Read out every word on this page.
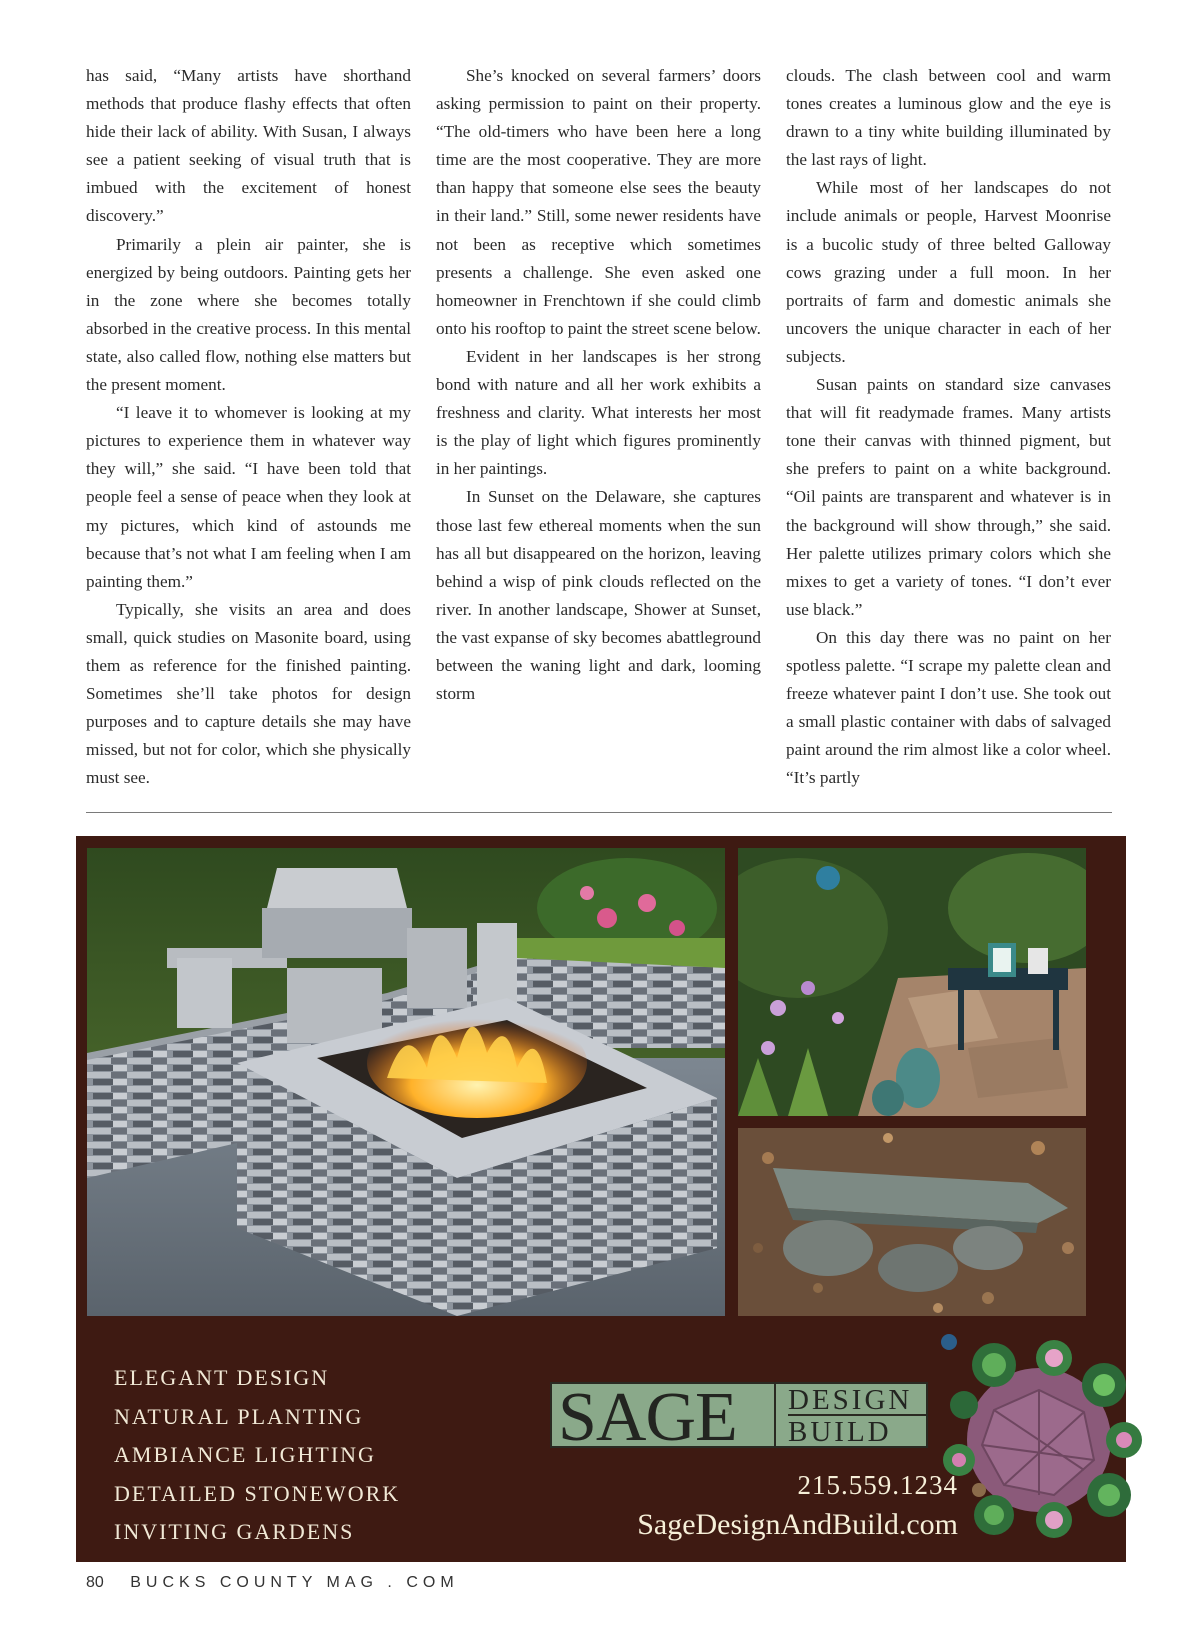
has said, “Many artists have shorthand methods that produce flashy effects that often hide their lack of ability. With Susan, I always see a patient seeking of visual truth that is imbued with the excitement of honest discovery.”

Primarily a plein air painter, she is energized by being outdoors. Painting gets her in the zone where she becomes totally absorbed in the creative process. In this mental state, also called flow, nothing else matters but the present moment.

“I leave it to whomever is looking at my pictures to experience them in whatever way they will,” she said. “I have been told that people feel a sense of peace when they look at my pictures, which kind of astounds me because that’s not what I am feeling when I am painting them.”

Typically, she visits an area and does small, quick studies on Masonite board, using them as reference for the finished painting. Sometimes she’ll take photos for design purposes and to capture details she may have missed, but not for color, which she physically must see.

She’s knocked on several farmers’ doors asking permission to paint on their property. “The old-timers who have been here a long time are the most cooperative. They are more than happy that someone else sees the beauty in their land.” Still, some newer residents have not been as receptive which sometimes presents a challenge. She even asked one homeowner in Frenchtown if she could climb onto his rooftop to paint the street scene below.

Evident in her landscapes is her strong bond with nature and all her work exhibits a freshness and clarity. What interests her most is the play of light which figures prominently in her paintings.

In Sunset on the Delaware, she captures those last few ethereal moments when the sun has all but disappeared on the horizon, leaving behind a wisp of pink clouds reflected on the river. In another landscape, Shower at Sunset, the vast expanse of sky becomes abattleground between the waning light and dark, looming storm

clouds. The clash between cool and warm tones creates a luminous glow and the eye is drawn to a tiny white building illuminated by the last rays of light.

While most of her landscapes do not include animals or people, Harvest Moonrise is a bucolic study of three belted Galloway cows grazing under a full moon. In her portraits of farm and domestic animals she uncovers the unique character in each of her subjects.

Susan paints on standard size canvases that will fit readymade frames. Many artists tone their canvas with thinned pigment, but she prefers to paint on a white background. “Oil paints are transparent and whatever is in the background will show through,” she said. Her palette utilizes primary colors which she mixes to get a variety of tones. “I don’t ever use black.”

On this day there was no paint on her spotless palette. “I scrape my palette clean and freeze whatever paint I don’t use. She took out a small plastic container with dabs of salvaged paint around the rim almost like a color wheel. “It’s partly

ELEGANT DESIGN
NATURAL PLANTING
AMBIANCE LIGHTING
DETAILED STONEWORK
INVITING GARDENS
SAGE DESIGN
BUILD
215.559.1234
SageDesignAndBuild.com
80 BUCKS COUNTY MAG . COM
